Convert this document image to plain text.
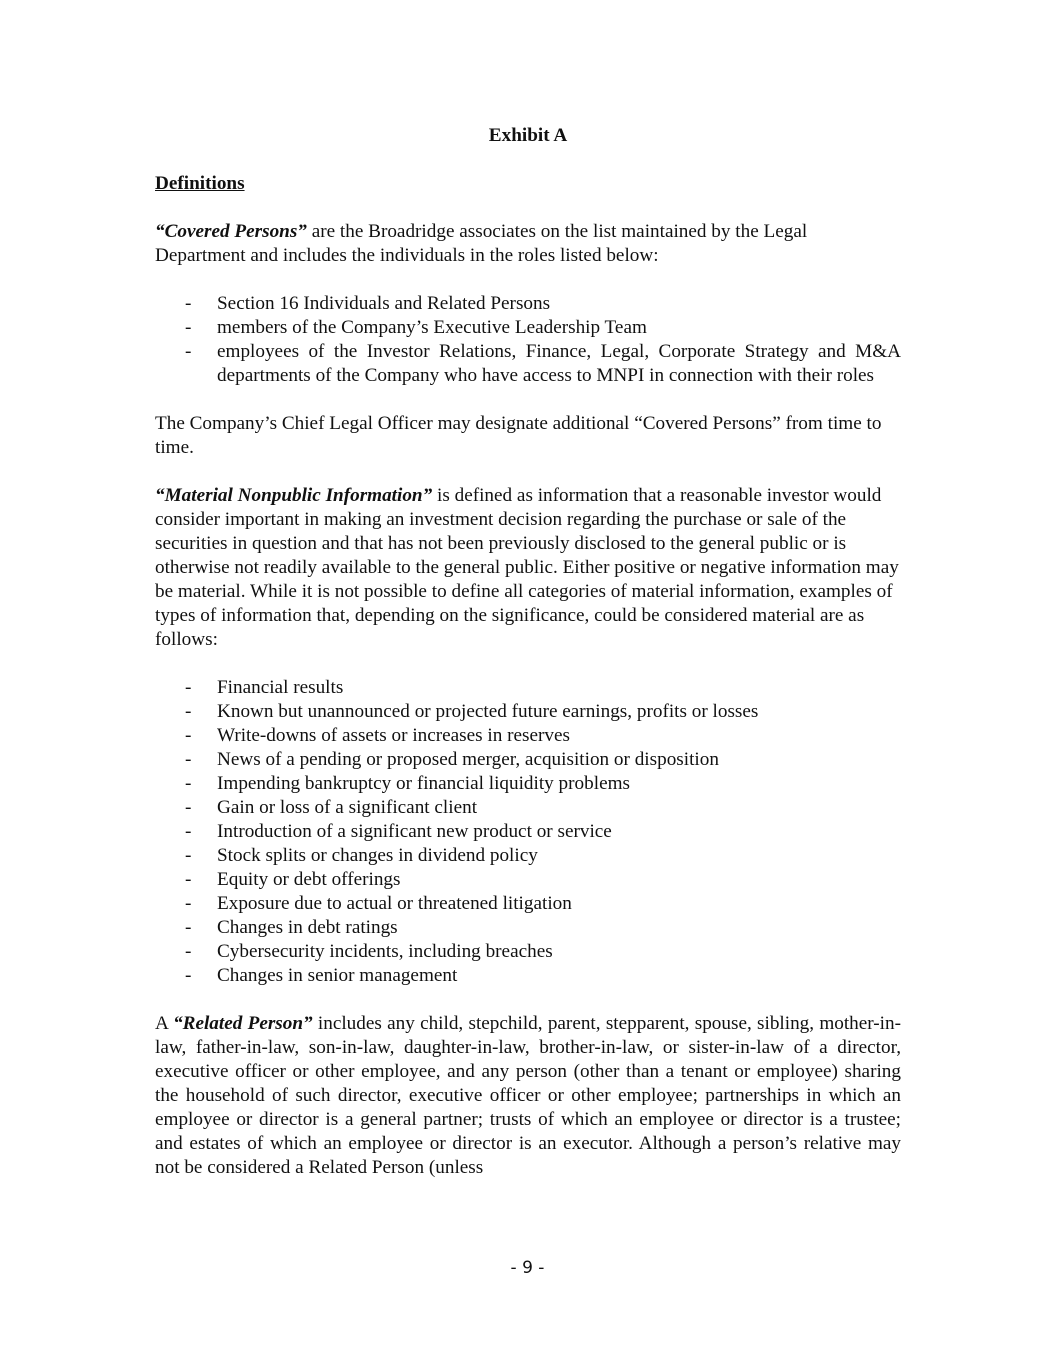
Exhibit A
Definitions

“Covered Persons” are the Broadridge associates on the list maintained by the Legal Department and includes the individuals in the roles listed below:

- Section 16 Individuals and Related Persons
- members of the Company’s Executive Leadership Team
- employees of the Investor Relations, Finance, Legal, Corporate Strategy and M&A departments of the Company who have access to MNPI in connection with their roles

The Company’s Chief Legal Officer may designate additional “Covered Persons” from time to time.

“Material Nonpublic Information” is defined as information that a reasonable investor would consider important in making an investment decision regarding the purchase or sale of the securities in question and that has not been previously disclosed to the general public or is otherwise not readily available to the general public. Either positive or negative information may be material. While it is not possible to define all categories of material information, examples of types of information that, depending on the significance, could be considered material are as follows:

- Financial results
- Known but unannounced or projected future earnings, profits or losses
- Write-downs of assets or increases in reserves
- News of a pending or proposed merger, acquisition or disposition
- Impending bankruptcy or financial liquidity problems
- Gain or loss of a significant client
- Introduction of a significant new product or service
- Stock splits or changes in dividend policy
- Equity or debt offerings
- Exposure due to actual or threatened litigation
- Changes in debt ratings
- Cybersecurity incidents, including breaches
- Changes in senior management

A “Related Person” includes any child, stepchild, parent, stepparent, spouse, sibling, mother-in-law, father-in-law, son-in-law, daughter-in-law, brother-in-law, or sister-in-law of a director, executive officer or other employee, and any person (other than a tenant or employee) sharing the household of such director, executive officer or other employee; partnerships in which an employee or director is a general partner; trusts of which an employee or director is a trustee; and estates of which an employee or director is an executor. Although a person’s relative may not be considered a Related Person (unless

- 9 -
